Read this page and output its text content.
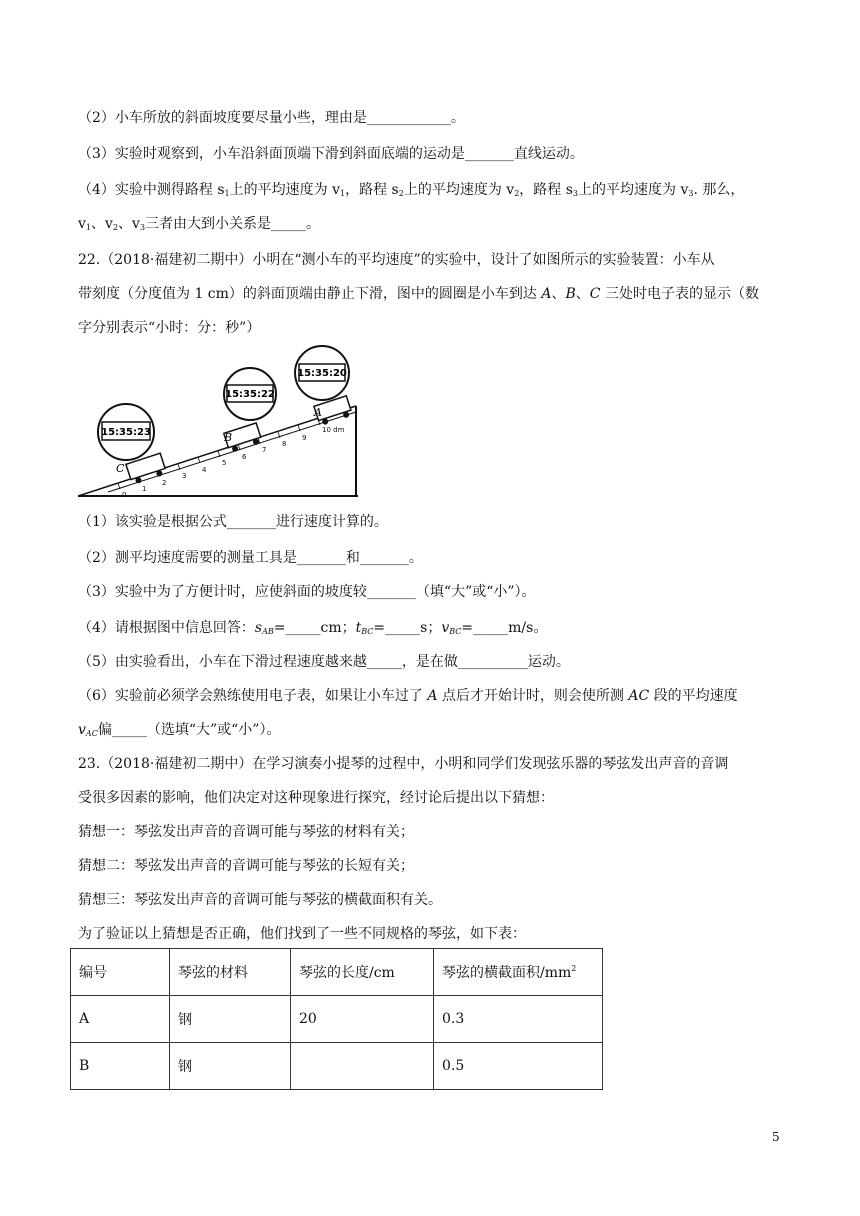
（2）小车所放的斜面坡度要尽量小些，理由是____________。
（3）实验时观察到，小车沿斜面顶端下滑到斜面底端的运动是_______直线运动。
（4）实验中测得路程 $s_1$上的平均速度为 $v_1$，路程 $s_2$上的平均速度为 $v_2$，路程 $s_3$上的平均速度为 $v_3$. 那么，
$v_1$、$v_2$、$v_3$三者由大到小关系是_____。
22.（2018·福建初二期中）小明在“测小车的平均速度”的实验中，设计了如图所示的实验装置：小车从
带刻度（分度值为 1 cm）的斜面顶端由静止下滑，图中的圆圈是小车到达 A、B、C 三处时电子表的显示（数
字分别表示“小时：分：秒”）
0
1
2
3
4
5
6
7
8
9
10 dm
C
B
A
15:35:23
15:35:22
15:35:20
（1）该实验是根据公式_______进行速度计算的。
（2）测平均速度需要的测量工具是_______和_______。
（3）实验中为了方便计时，应使斜面的坡度较_______（填“大”或“小”）。
（4）请根据图中信息回答：$s_{AB}=\_\_\_\_\_cm$；$t_{BC}=\_\_\_\_\_s$；$v_{BC}=\_\_\_\_\_m/s$。
（5）由实验看出，小车在下滑过程速度越来越_____，是在做__________运动。
（6）实验前必须学会熟练使用电子表，如果让小车过了 A 点后才开始计时，则会使所测 AC 段的平均速度
$v_{AC}$偏_____（选填“大”或“小”）。
23.（2018·福建初二期中）在学习演奏小提琴的过程中，小明和同学们发现弦乐器的琴弦发出声音的音调
受很多因素的影响，他们决定对这种现象进行探究，经讨论后提出以下猜想：
猜想一：琴弦发出声音的音调可能与琴弦的材料有关；
猜想二：琴弦发出声音的音调可能与琴弦的长短有关；
猜想三：琴弦发出声音的音调可能与琴弦的横截面积有关。
为了验证以上猜想是否正确，他们找到了一些不同规格的琴弦，如下表：
编号	琴弦的材料	琴弦的长度/cm	琴弦的横截面积$/mm^2$
A	钢	20	0.3
B	钢		0.5
5
